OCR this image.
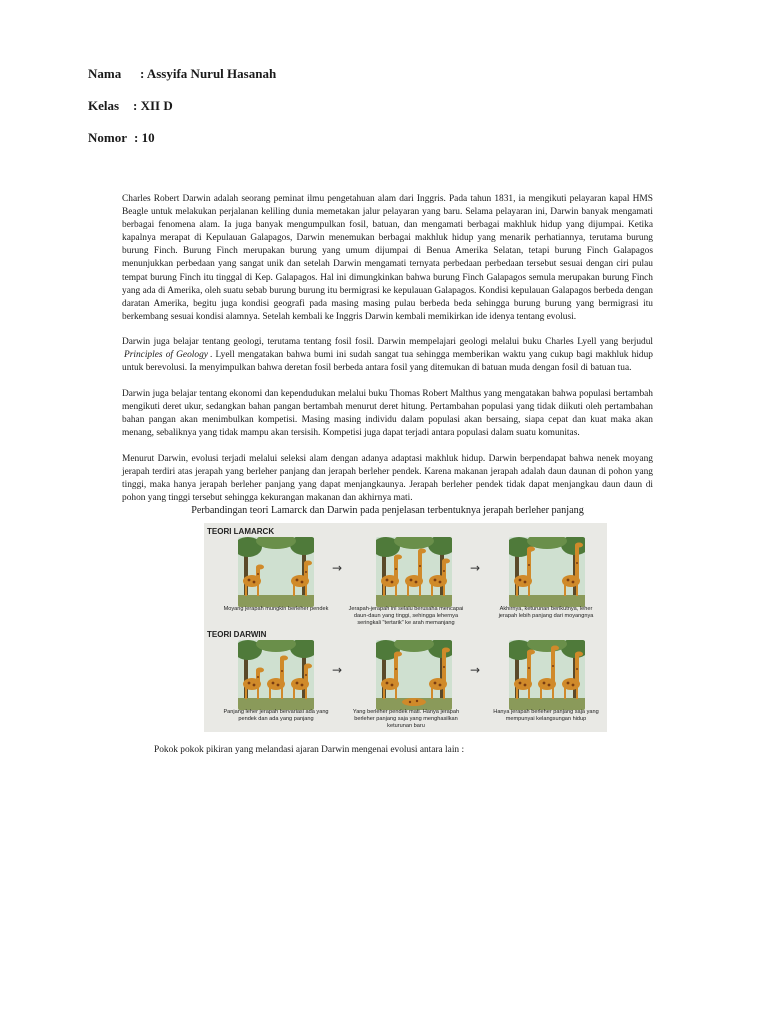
Nama : Assyifa Nurul Hasanah
Kelas : XII D
Nomor : 10

Charles Robert Darwin adalah seorang peminat ilmu pengetahuan alam dari Inggris. Pada tahun 1831, ia mengikuti pelayaran kapal HMS Beagle untuk melakukan perjalanan keliling dunia memetakan jalur pelayaran yang baru. Selama pelayaran ini, Darwin banyak mengamati berbagai fenomena alam. Ia juga banyak mengumpulkan fosil, batuan, dan mengamati berbagai makhluk hidup yang dijumpai. Ketika kapalnya merapat di Kepulauan Galapagos, Darwin menemukan berbagai makhluk hidup yang menarik perhatiannya, terutama burung burung Finch. Burung Finch merupakan burung yang umum dijumpai di Benua Amerika Selatan, tetapi burung Finch Galapagos menunjukkan perbedaan yang sangat unik dan setelah Darwin mengamati ternyata perbedaan perbedaan tersebut sesuai dengan ciri pulau tempat burung Finch itu tinggal di Kep. Galapagos. Hal ini dimungkinkan bahwa burung Finch Galapagos semula merupakan burung Finch yang ada di Amerika, oleh suatu sebab burung burung itu bermigrasi ke kepulauan Galapagos. Kondisi kepulauan Galapagos berbeda dengan daratan Amerika, begitu juga kondisi geografi pada masing masing pulau berbeda beda sehingga burung burung yang bermigrasi itu berkembang sesuai kondisi alamnya. Setelah kembali ke Inggris Darwin kembali memikirkan ide idenya tentang evolusi.

Darwin juga belajar tentang geologi, terutama tentang fosil fosil. Darwin mempelajari geologi melalui buku Charles Lyell yang berjudul Principles of Geology . Lyell mengatakan bahwa bumi ini sudah sangat tua sehingga memberikan waktu yang cukup bagi makhluk hidup untuk berevolusi. Ia menyimpulkan bahwa deretan fosil berbeda antara fosil yang ditemukan di batuan muda dengan fosil di batuan tua.

Darwin juga belajar tentang ekonomi dan kependudukan melalui buku Thomas Robert Malthus yang mengatakan bahwa populasi bertambah mengikuti deret ukur, sedangkan bahan pangan bertambah menurut deret hitung. Pertambahan populasi yang tidak diikuti oleh pertambahan bahan pangan akan menimbulkan kompetisi. Masing masing individu dalam populasi akan bersaing, siapa cepat dan kuat maka akan menang, sebaliknya yang tidak mampu akan tersisih. Kompetisi juga dapat terjadi antara populasi dalam suatu komunitas.

Menurut Darwin, evolusi terjadi melalui seleksi alam dengan adanya adaptasi makhluk hidup. Darwin berpendapat bahwa nenek moyang jerapah terdiri atas jerapah yang berleher panjang dan jerapah berleher pendek. Karena makanan jerapah adalah daun daunan di pohon yang tinggi, maka hanya jerapah berleher panjang yang dapat menjangkaunya. Jerapah berleher pendek tidak dapat menjangkau daun daun di pohon yang tinggi tersebut sehingga kekurangan makanan dan akhirnya mati.

Perbandingan teori Lamarck dan Darwin pada penjelasan terbentuknya jerapah berleher panjang
TEORI LAMARCK
TEORI DARWIN
→	→
→	→
Moyang jerapah mungkin berleher pendek	Jerapah-jerapah ini selalu berusaha mencapai daun-daun yang tinggi, sehingga lehernya seringkali "tertarik" ke arah memanjang
Akhirnya, keturunan berikutnya, leher jerapah lebih panjang dari moyangnya
Panjang leher jerapah bervariasi ada yang pendek dan ada yang panjang
Yang berleher pendek mati. Hanya jerapah berleher panjang saja yang menghasilkan keturunan baru
Hanya jerapah berleher panjang saja yang mempunyai kelangsungan hidup
Pokok pokok pikiran yang melandasi ajaran Darwin mengenai evolusi antara lain :
